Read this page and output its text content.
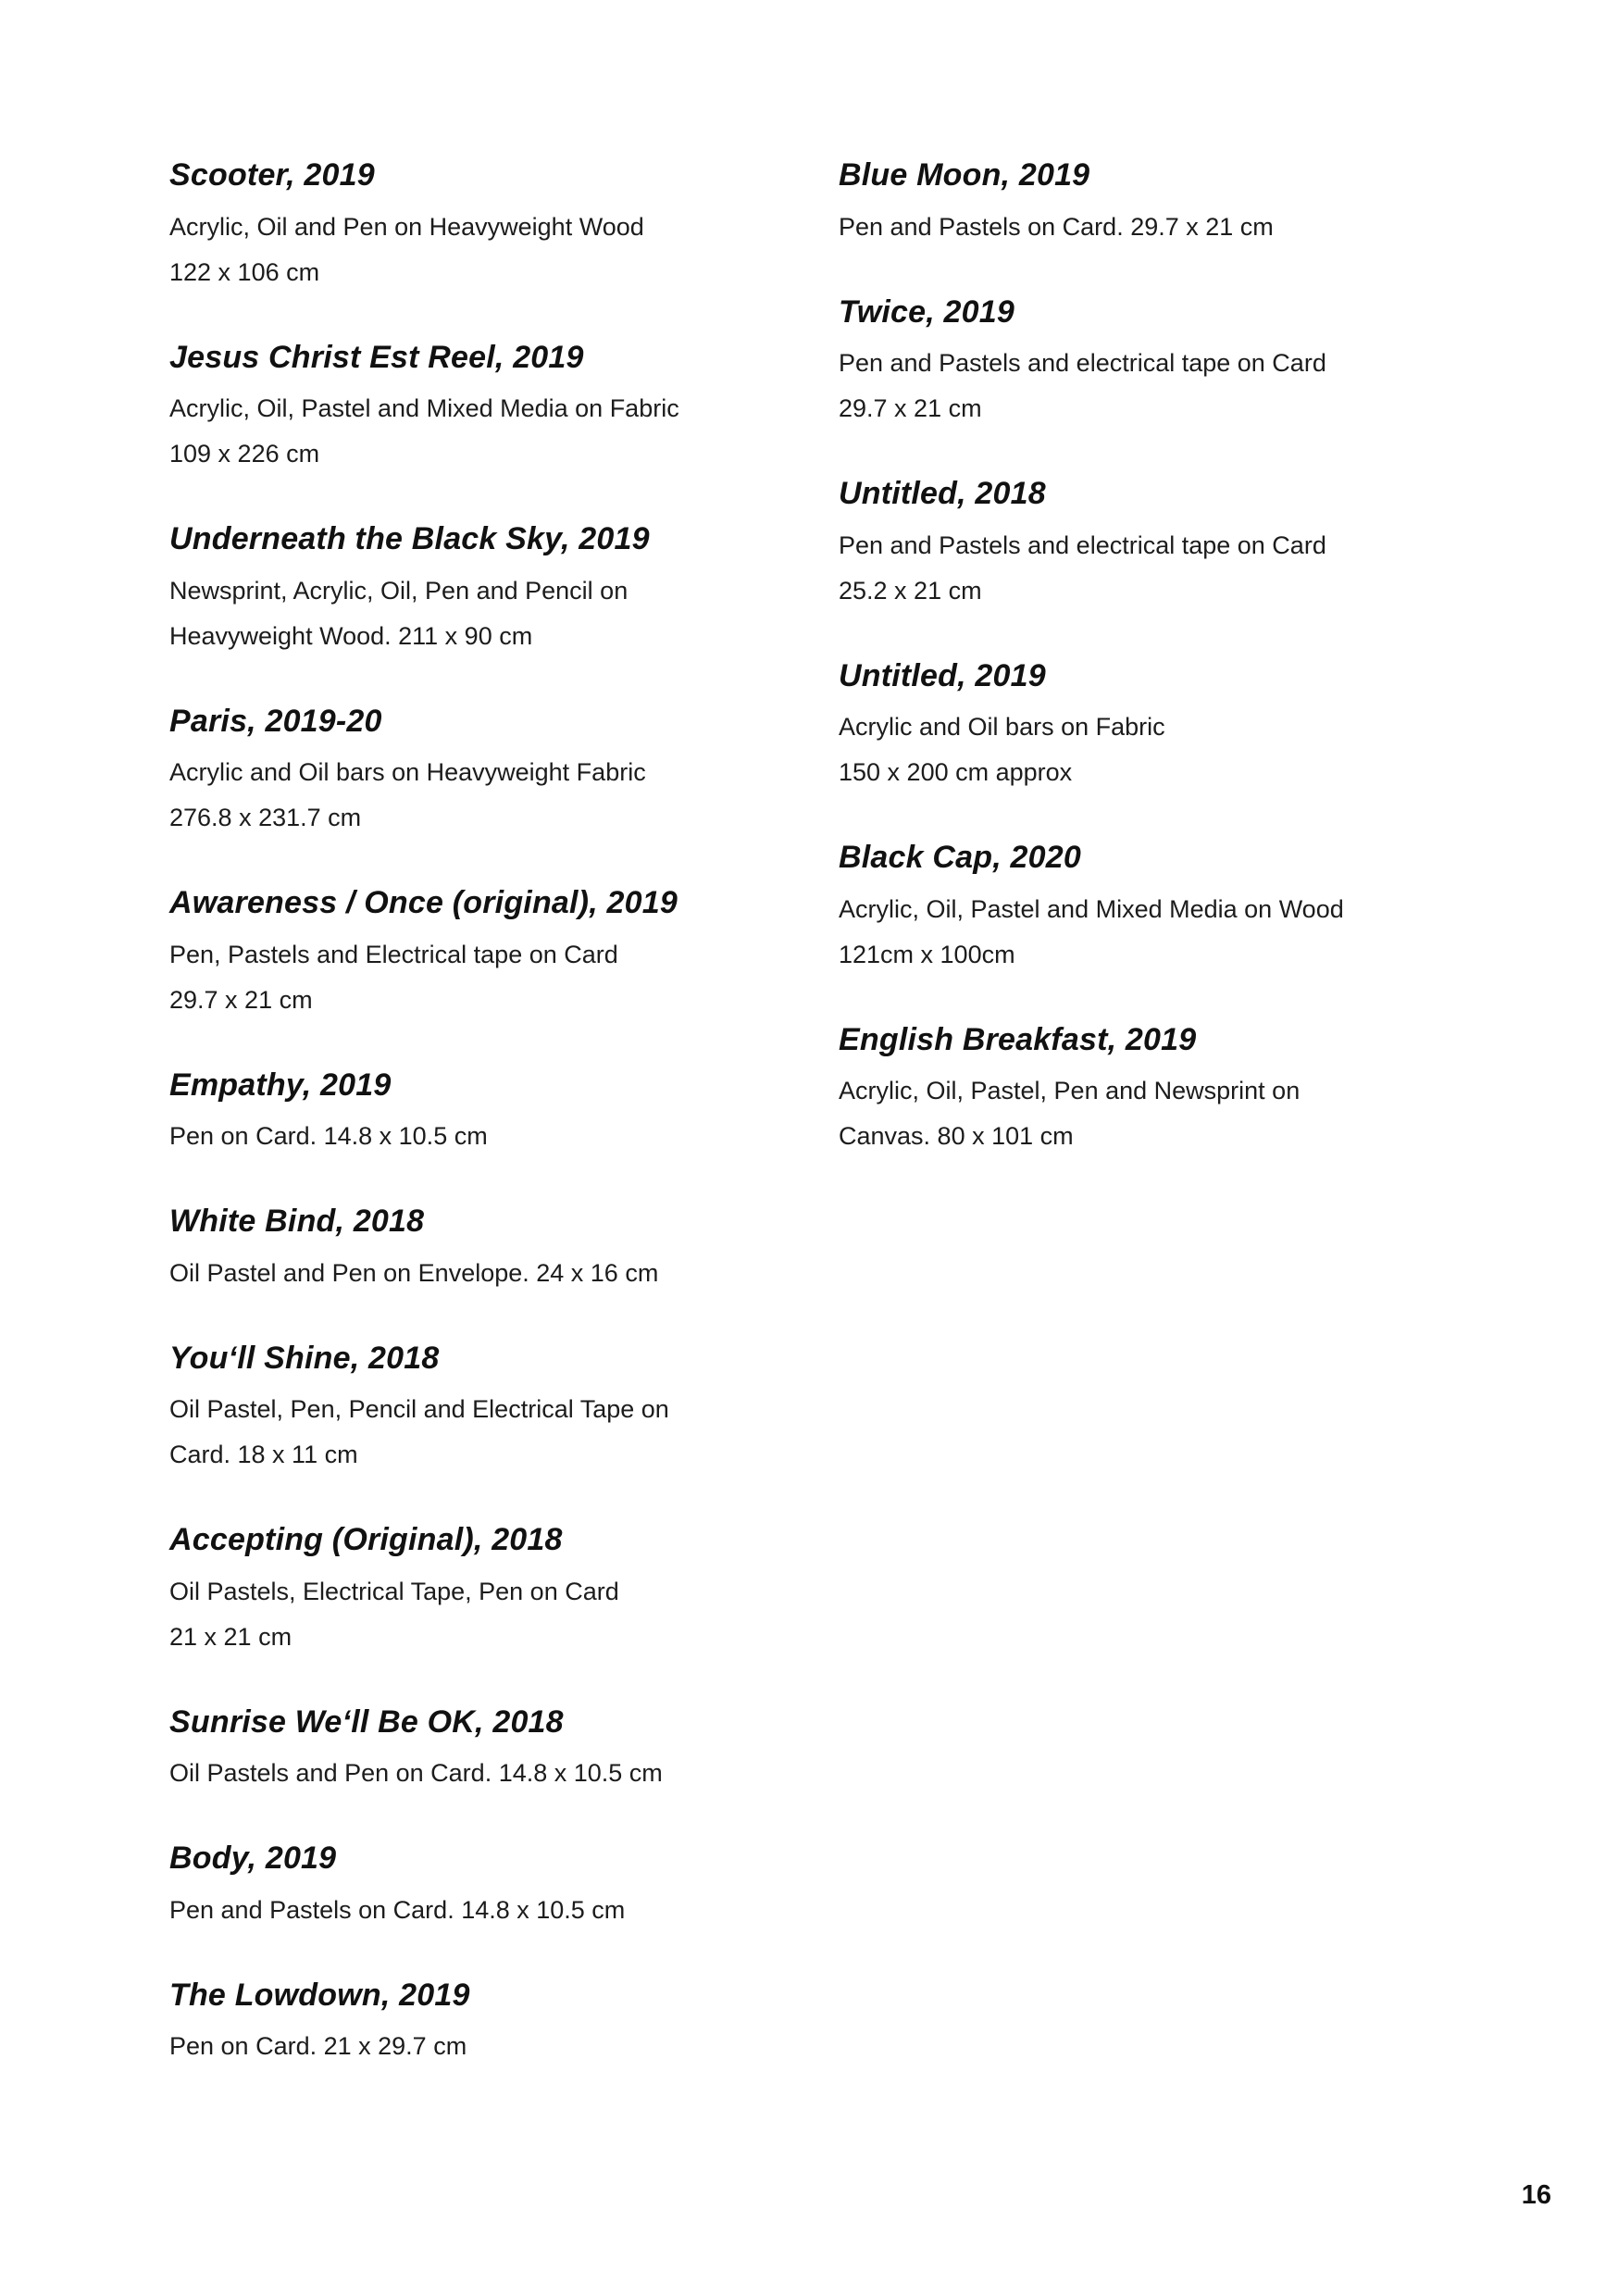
Scooter, 2019
Acrylic, Oil and Pen on Heavyweight Wood
122 x 106 cm
Jesus Christ Est Reel, 2019
Acrylic, Oil, Pastel and Mixed Media on Fabric
109 x 226 cm
Underneath the Black Sky, 2019
Newsprint, Acrylic, Oil, Pen and Pencil on
Heavyweight Wood. 211 x 90 cm
Paris, 2019-20
Acrylic and Oil bars on Heavyweight Fabric
276.8 x 231.7 cm
Awareness / Once (original), 2019
Pen, Pastels and Electrical tape on Card
29.7 x 21 cm
Empathy, 2019
Pen on Card. 14.8 x 10.5 cm
White Bind, 2018
Oil Pastel and Pen on Envelope. 24 x 16 cm
You‘ll Shine, 2018
Oil Pastel, Pen, Pencil and Electrical Tape on
Card. 18 x 11 cm
Accepting (Original), 2018
Oil Pastels, Electrical Tape, Pen on Card
21 x 21 cm
Sunrise We‘ll Be OK, 2018
Oil Pastels and Pen on Card. 14.8 x 10.5 cm
Body, 2019
Pen and Pastels on Card. 14.8 x 10.5 cm
The Lowdown, 2019
Pen on Card. 21 x 29.7 cm
Blue Moon, 2019
Pen and Pastels on Card. 29.7 x 21 cm
Twice, 2019
Pen and Pastels and electrical tape on Card
29.7 x 21 cm
Untitled, 2018
Pen and Pastels and electrical tape on Card
25.2 x 21 cm
Untitled, 2019
Acrylic and Oil bars on Fabric
150 x 200 cm approx
Black Cap, 2020
Acrylic, Oil, Pastel and Mixed Media on Wood
121cm x 100cm
English Breakfast, 2019
Acrylic, Oil, Pastel, Pen and Newsprint on
Canvas. 80 x 101 cm
16
